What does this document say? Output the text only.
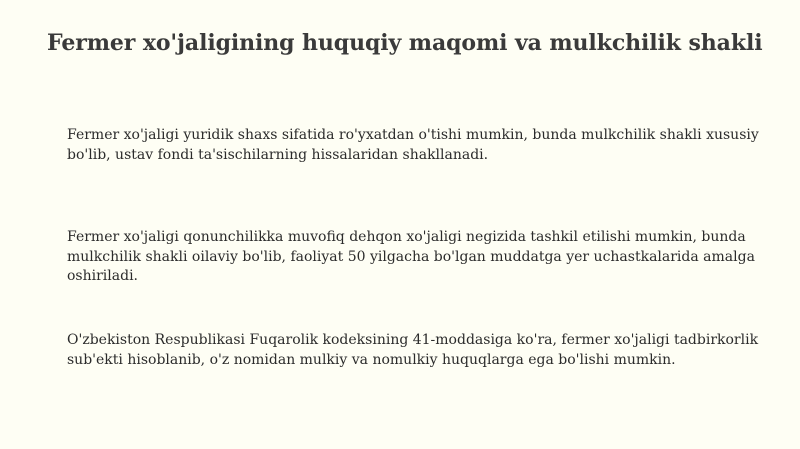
Fermer xo'jaligining huquqiy maqomi va mulkchilik shakli

Fermer xo'jaligi yuridik shaxs sifatida ro'yxatdan o'tishi mumkin, bunda mulkchilik shakli xususiy bo'lib, ustav fondi ta'sischilarning hissalaridan shakllanadi.

Fermer xo'jaligi qonunchilikka muvofiq dehqon xo'jaligi negizida tashkil etilishi mumkin, bunda mulkchilik shakli oilaviy bo'lib, faoliyat 50 yilgacha bo'lgan muddatga yer uchastkalarida amalga oshiriladi.

O'zbekiston Respublikasi Fuqarolik kodeksining 41-moddasiga ko'ra, fermer xo'jaligi tadbirkorlik sub'ekti hisoblanib, o'z nomidan mulkiy va nomulkiy huquqlarga ega bo'lishi mumkin.
